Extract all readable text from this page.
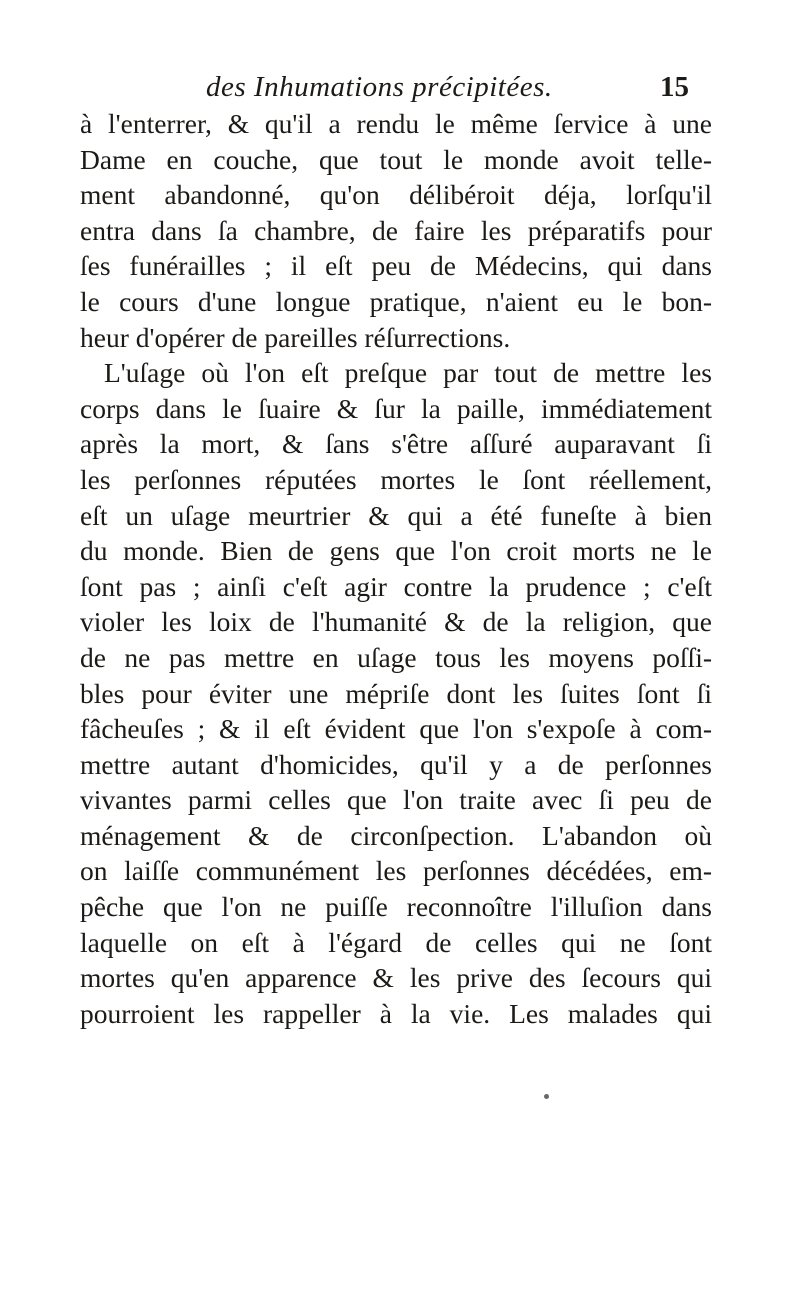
des Inhumations précipitées.	15
à l'enterrer, & qu'il a rendu le même ſervice à une
Dame en couche, que tout le monde avoit telle-
ment abandonné, qu'on délibéroit déja, lorſqu'il
entra dans ſa chambre, de faire les préparatifs pour
ſes funérailles ; il eſt peu de Médecins, qui dans
le cours d'une longue pratique, n'aient eu le bon-
heur d'opérer de pareilles réſurrections.
L'uſage où l'on eſt preſque par tout de mettre les
corps dans le ſuaire & ſur la paille, immédiatement
après la mort, & ſans s'être aſſuré auparavant ſi
les perſonnes réputées mortes le ſont réellement,
eſt un uſage meurtrier & qui a été funeſte à bien
du monde. Bien de gens que l'on croit morts ne le
ſont pas ; ainſi c'eſt agir contre la prudence ; c'eſt
violer les loix de l'humanité & de la religion, que
de ne pas mettre en uſage tous les moyens poſſi-
bles pour éviter une mépriſe dont les ſuites ſont ſi
fâcheuſes ; & il eſt évident que l'on s'expoſe à com-
mettre autant d'homicides, qu'il y a de perſonnes
vivantes parmi celles que l'on traite avec ſi peu de
ménagement & de circonſpection. L'abandon où
on laiſſe communément les perſonnes décédées, em-
pêche que l'on ne puiſſe reconnoître l'illuſion dans
laquelle on eſt à l'égard de celles qui ne ſont
mortes qu'en apparence & les prive des ſecours qui
pourroient les rappeller à la vie. Les malades qui
